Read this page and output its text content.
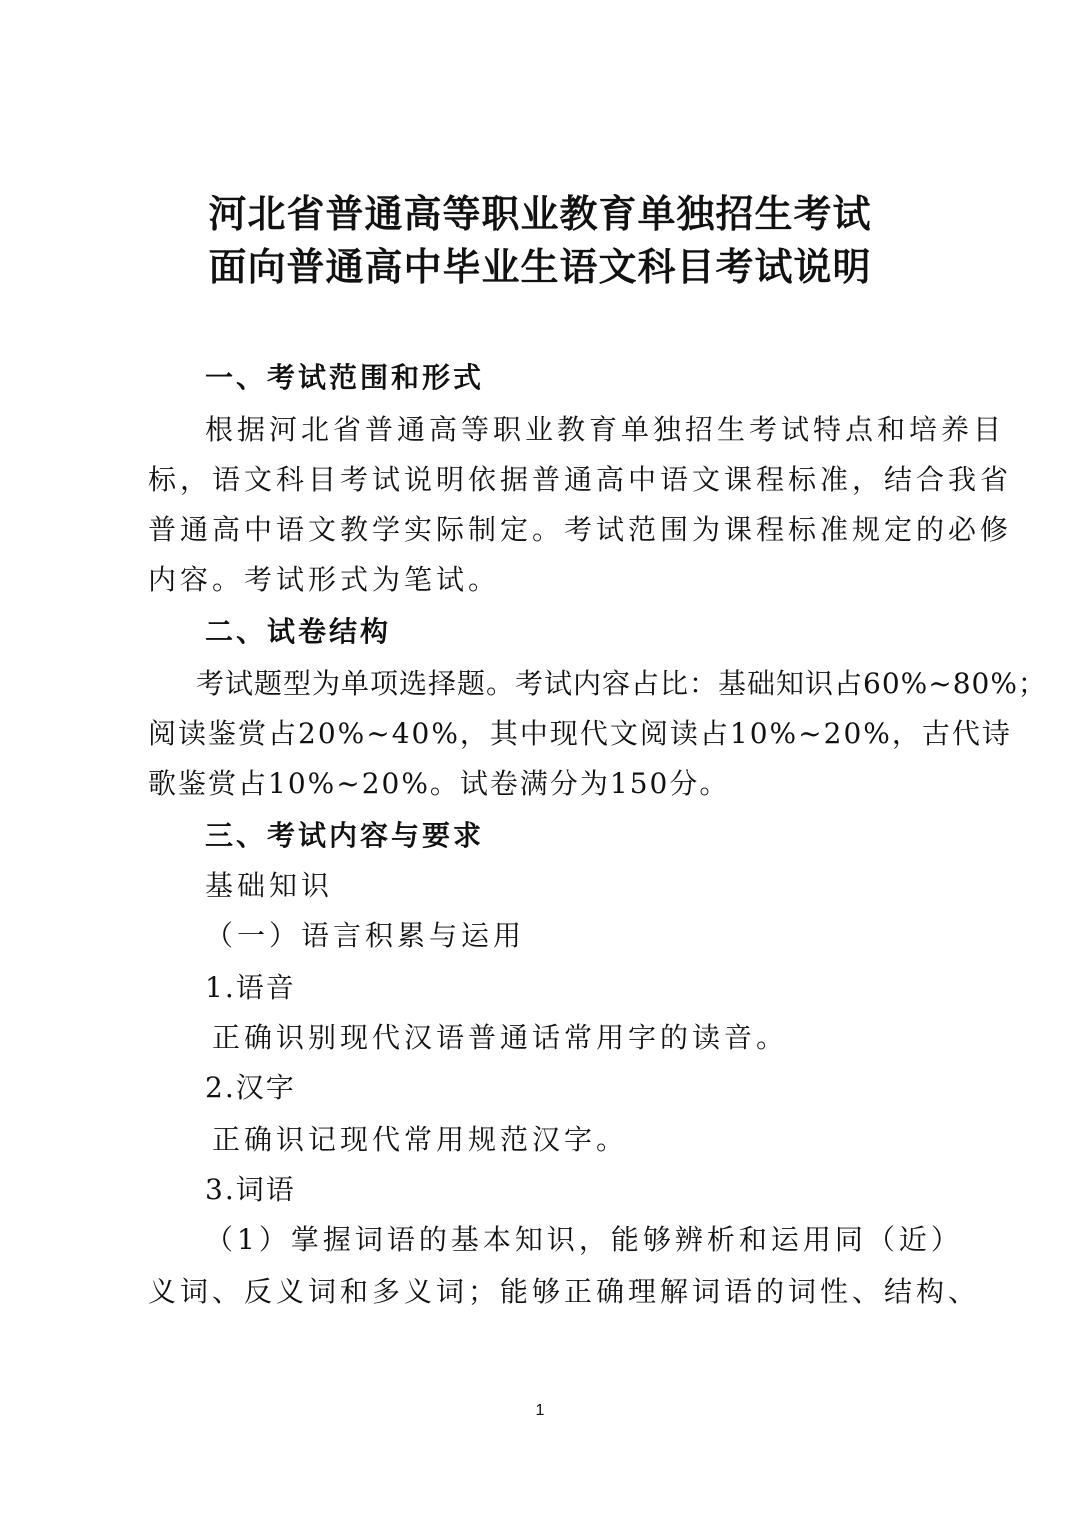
河北省普通高等职业教育单独招生考试
面向普通高中毕业生语文科目考试说明
一、考试范围和形式
根据河北省普通高等职业教育单独招生考试特点和培养目
标，语文科目考试说明依据普通高中语文课程标准，结合我省
普通高中语文教学实际制定。考试范围为课程标准规定的必修
内容。考试形式为笔试。
二、试卷结构
考试题型为单项选择题。考试内容占比：基础知识占60%~80%；
阅读鉴赏占20%~40%，其中现代文阅读占10%~20%，古代诗
歌鉴赏占10%~20%。试卷满分为150分。
三、考试内容与要求
基础知识
（一）语言积累与运用
1.语音
正确识别现代汉语普通话常用字的读音。
2.汉字
正确识记现代常用规范汉字。
3.词语
（1）掌握词语的基本知识，能够辨析和运用同（近）
义词、反义词和多义词；能够正确理解词语的词性、结构、
1
